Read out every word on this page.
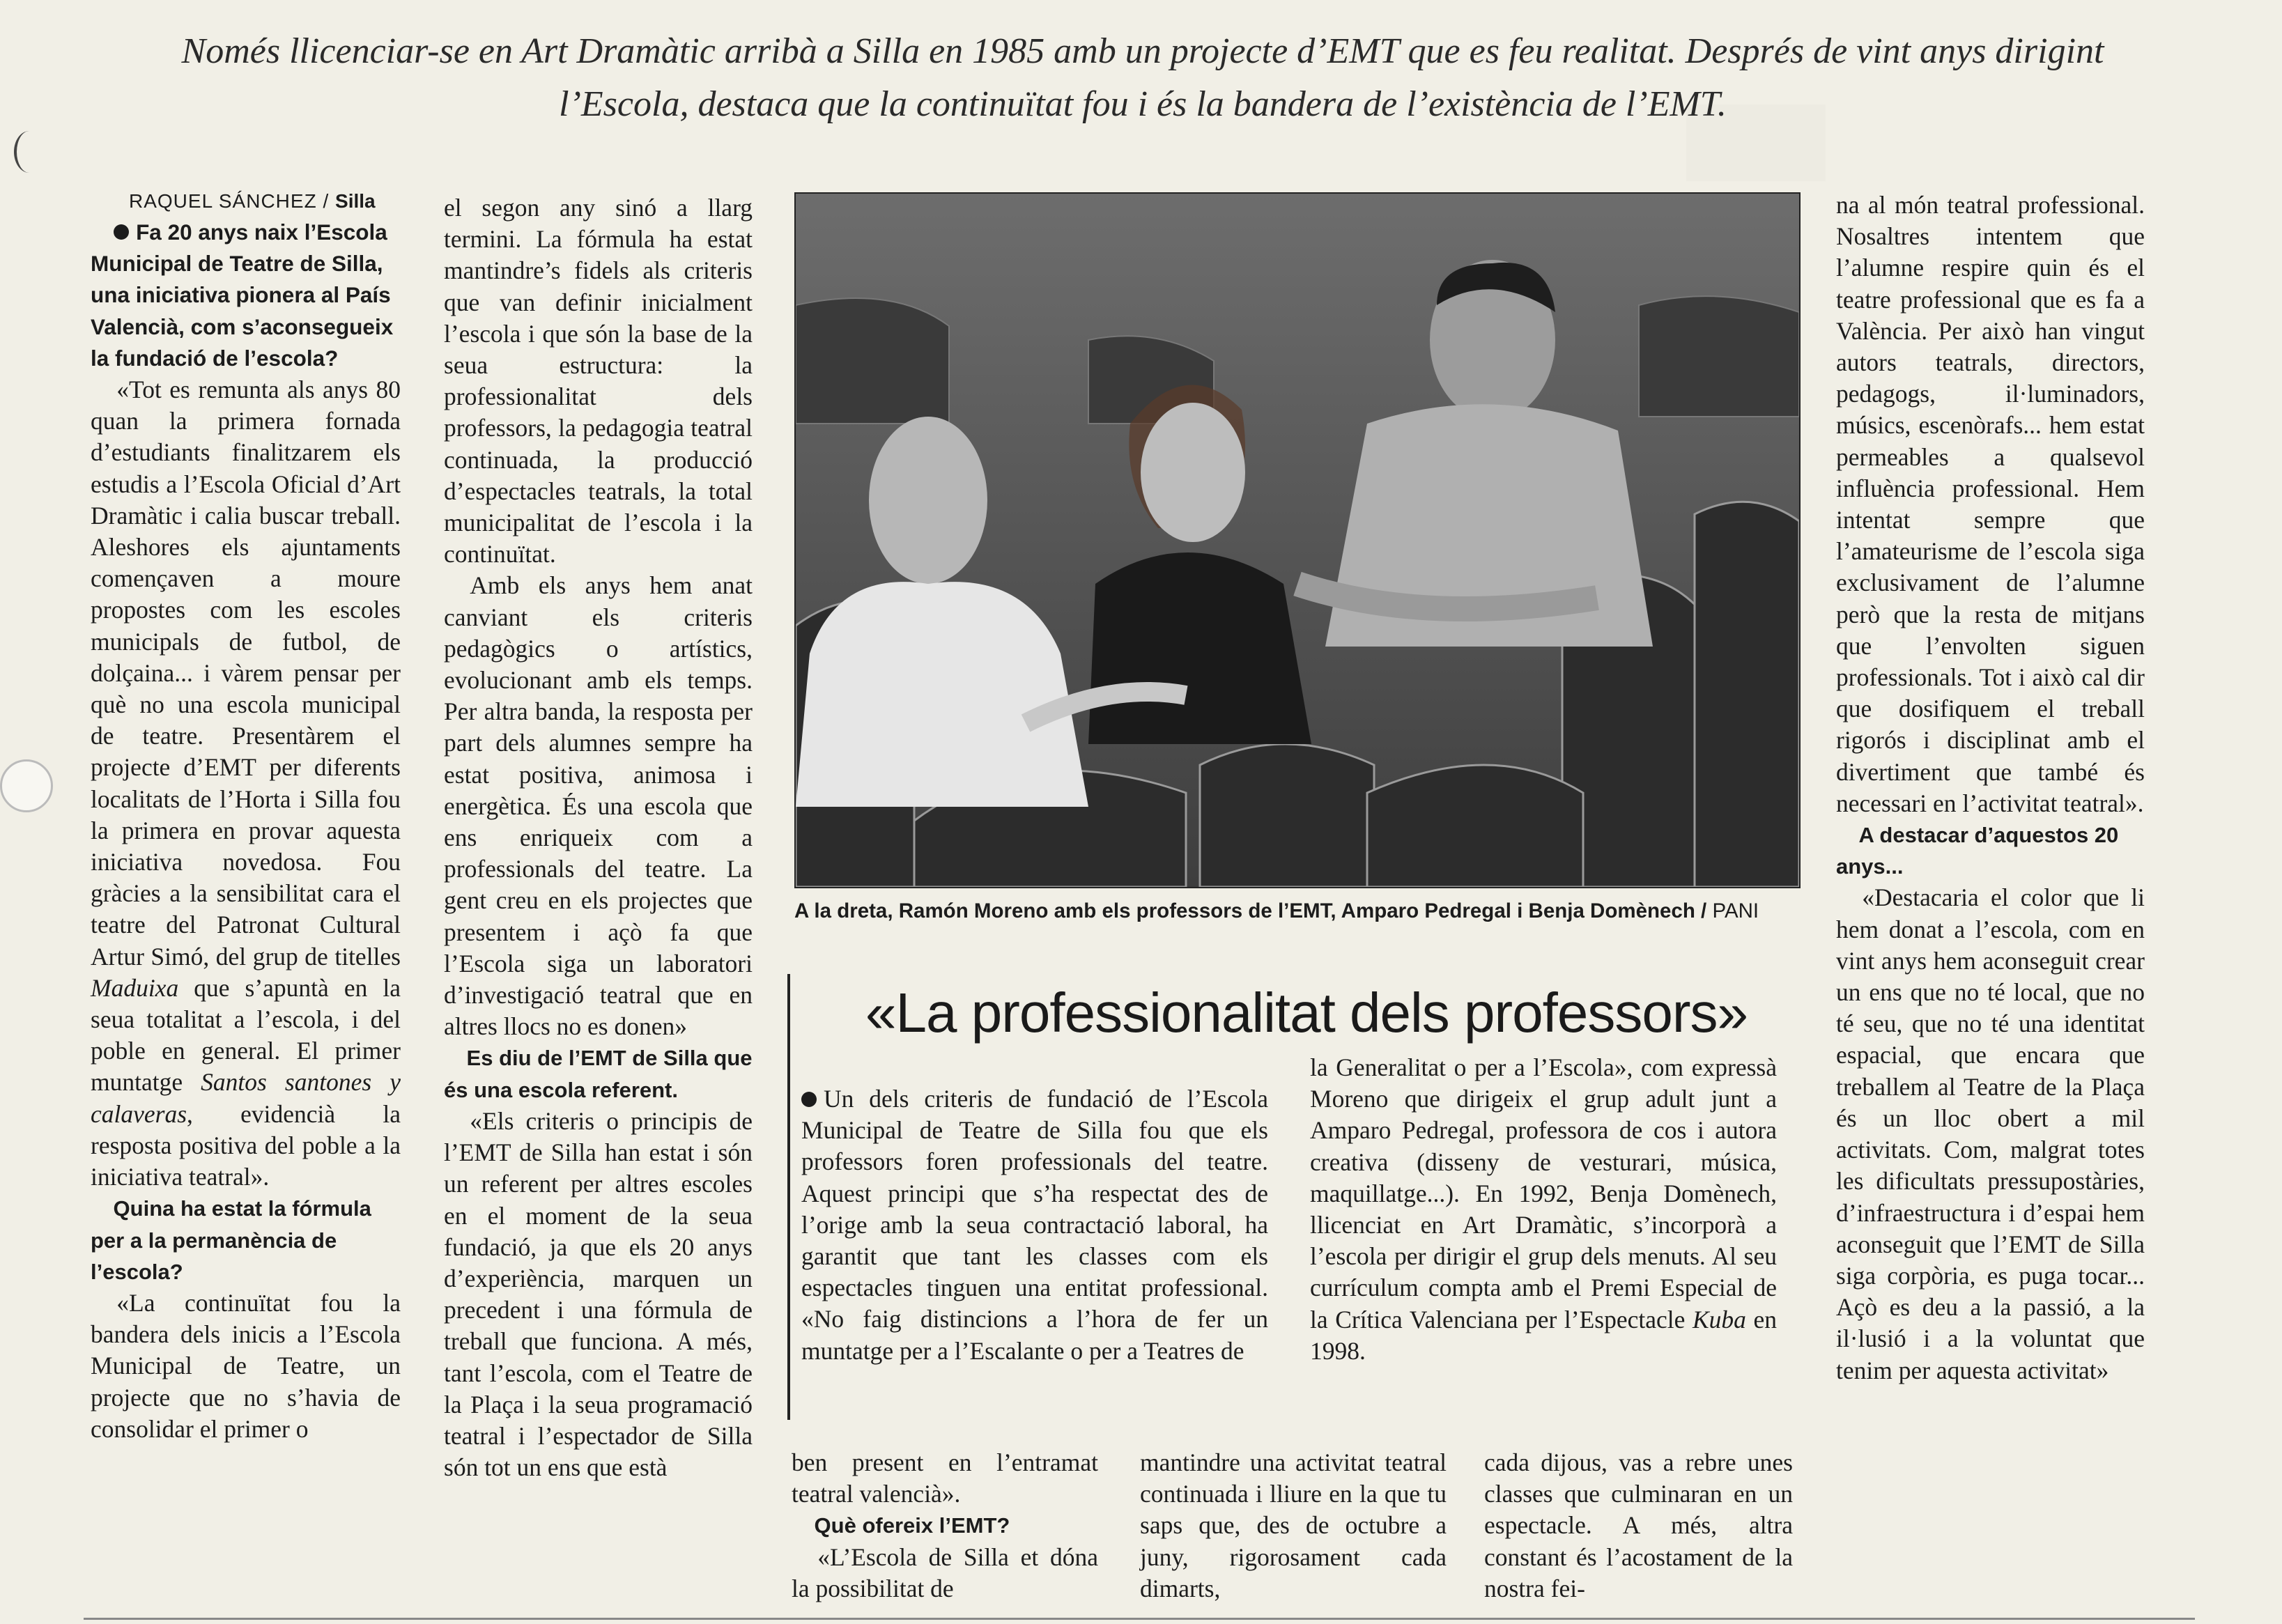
Només llicenciar-se en Art Dramàtic arribà a Silla en 1985 amb un projecte d’EMT que es feu realitat. Després de vint anys dirigint
l’Escola, destaca que la continuïtat fou i és la bandera de l’existència de l’EMT.
RAQUEL SÁNCHEZ / Silla

Fa 20 anys naix l’Escola Municipal de Teatre de Silla, una iniciativa pionera al País Valencià, com s’aconsegueix la fundació de l’escola?

«Tot es remunta als anys 80 quan la primera fornada d’estudiants finalitzarem els estudis a l’Escola Oficial d’Art Dramàtic i calia buscar treball. Aleshores els ajuntaments començaven a moure propostes com les escoles municipals de futbol, de dolçaina... i vàrem pensar per què no una escola municipal de teatre. Presentàrem el projecte d’EMT per diferents localitats de l’Horta i Silla fou la primera en provar aquesta iniciativa novedosa. Fou gràcies a la sensibilitat cara el teatre del Patronat Cultural Artur Simó, del grup de titelles Maduixa que s’apuntà en la seua totalitat a l’escola, i del poble en general. El primer muntatge Santos santones y calaveras, evidencià la resposta positiva del poble a la iniciativa teatral».

Quina ha estat la fórmula per a la permanència de l’escola?

«La continuïtat fou la bandera dels inicis a l’Escola Municipal de Teatre, un projecte que no s’havia de consolidar el primer o

el segon any sinó a llarg termini. La fórmula ha estat mantindre’s fidels als criteris que van definir inicialment l’escola i que són la base de la seua estructura: la professionalitat dels professors, la pedagogia teatral continuada, la producció d’espectacles teatrals, la total municipalitat de l’escola i la continuïtat.

Amb els anys hem anat canviant els criteris pedagògics o artístics, evolucionant amb els temps. Per altra banda, la resposta per part dels alumnes sempre ha estat positiva, animosa i energètica. És una escola que ens enriqueix com a professionals del teatre. La gent creu en els projectes que presentem i açò fa que l’Escola siga un laboratori d’investigació teatral que en altres llocs no es donen»

Es diu de l’EMT de Silla que és una escola referent.

«Els criteris o principis de l’EMT de Silla han estat i són un referent per altres escoles en el moment de la seua fundació, ja que els 20 anys d’experiència, marquen un precedent i una fórmula de treball que funciona. A més, tant l’escola, com el Teatre de la Plaça i la seua programació teatral i l’espectador de Silla són tot un ens que està

A la dreta, Ramón Moreno amb els professors de l’EMT, Amparo Pedregal i Benja Domènech / PANI
«La professionalitat dels professors»

Un dels criteris de fundació de l’Escola Municipal de Teatre de Silla fou que els professors foren professionals del teatre. Aquest principi que s’ha respectat des de l’orige amb la seua contractació laboral, ha garantit que tant les classes com els espectacles tinguen una entitat professional. «No faig distincions a l’hora de fer un muntatge per a l’Escalante o per a Teatres de

la Generalitat o per a l’Escola», com expressà Moreno que dirigeix el grup adult junt a Amparo Pedregal, professora de cos i autora creativa (disseny de vesturari, música, maquillatge...). En 1992, Benja Domènech, llicenciat en Art Dramàtic, s’incorporà a l’escola per dirigir el grup dels menuts. Al seu currículum compta amb el Premi Especial de la Crítica Valenciana per l’Espectacle Kuba en 1998.

ben present en l’entramat teatral valencià».

Què ofereix l’EMT?

«L’Escola de Silla et dóna la possibilitat de

mantindre una activitat teatral continuada i lliure en la que tu saps que, des de octubre a juny, rigorosament cada dimarts,

cada dijous, vas a rebre unes classes que culminaran en un espectacle. A més, altra constant és l’acostament de la nostra fei-

na al món teatral professional. Nosaltres intentem que l’alumne respire quin és el teatre professional que es fa a València. Per això han vingut autors teatrals, directors, pedagogs, il·luminadors, músics, escenòrafs... hem estat permeables a qualsevol influència professional. Hem intentat sempre que l’amateurisme de l’escola siga exclusivament de l’alumne però que la resta de mitjans que l’envolten siguen professionals. Tot i això cal dir que dosifiquem el treball rigorós i disciplinat amb el divertiment que també és necessari en l’activitat teatral».

A destacar d’aquestos 20 anys...

«Destacaria el color que li hem donat a l’escola, com en vint anys hem aconseguit crear un ens que no té local, que no té seu, que no té una identitat espacial, que encara que treballem al Teatre de la Plaça és un lloc obert a mil activitats. Com, malgrat totes les dificultats pressupostàries, d’infraestructura i d’espai hem aconseguit que l’EMT de Silla siga corpòria, es puga tocar... Açò es deu a la passió, a la il·lusió i a la voluntat que tenim per aquesta activitat»
